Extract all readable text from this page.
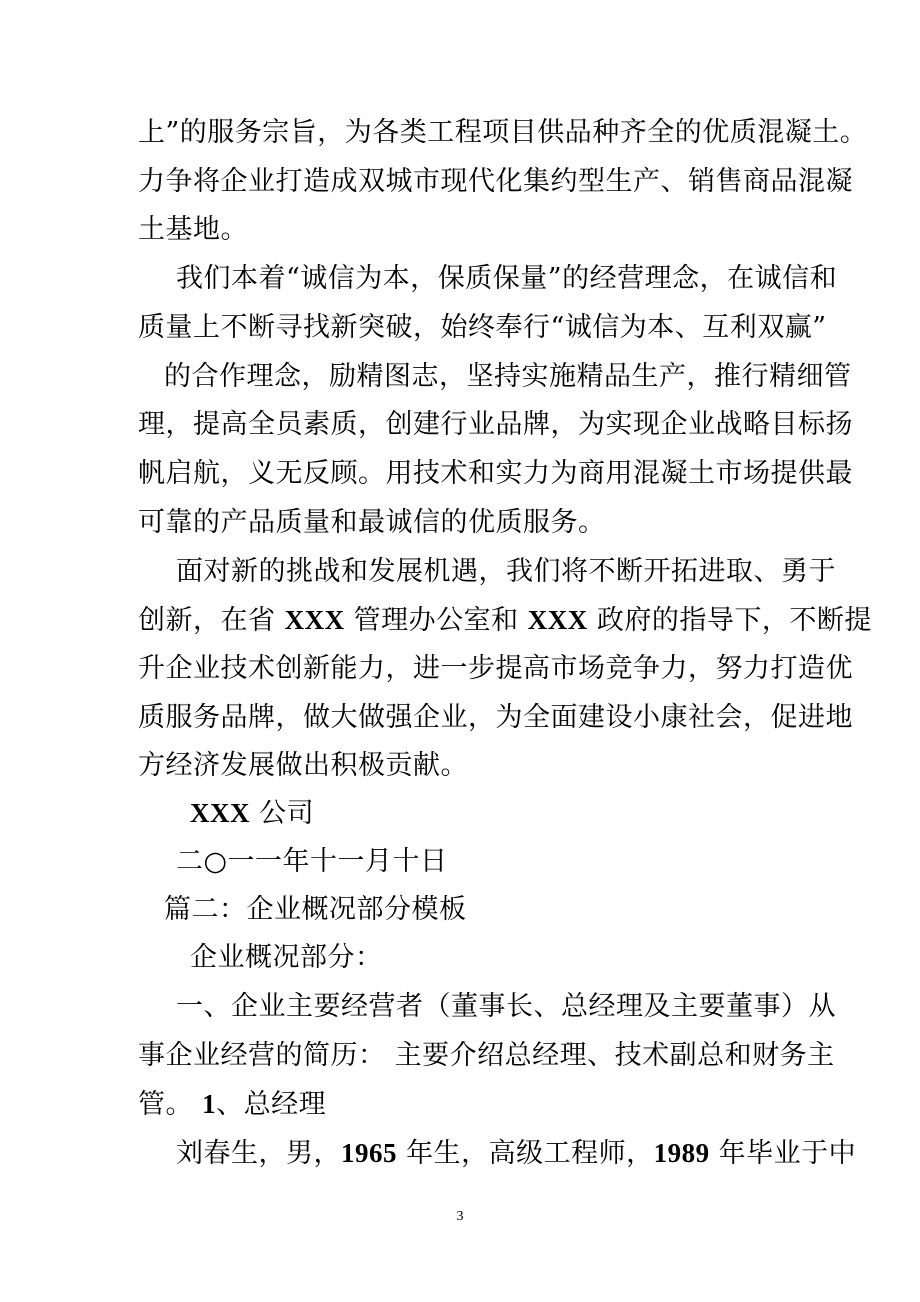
上”的服务宗旨，为各类工程项目供品种齐全的优质混凝土。
力争将企业打造成双城市现代化集约型生产、销售商品混凝
土基地。
我们本着“诚信为本，保质保量”的经营理念，在诚信和
质量上不断寻找新突破，始终奉行“诚信为本、互利双赢”
的合作理念，励精图志，坚持实施精品生产，推行精细管
理，提高全员素质，创建行业品牌，为实现企业战略目标扬
帆启航，义无反顾。用技术和实力为商用混凝土市场提供最
可靠的产品质量和最诚信的优质服务。
面对新的挑战和发展机遇，我们将不断开拓进取、勇于
创新，在省 XXX 管理办公室和 XXX 政府的指导下，不断提
升企业技术创新能力，进一步提高市场竞争力，努力打造优
质服务品牌，做大做强企业，为全面建设小康社会，促进地
方经济发展做出积极贡献。
XXX 公司
二○一一年十一月十日
篇二：企业概况部分模板
企业概况部分：
一、企业主要经营者（董事长、总经理及主要董事）从
事企业经营的简历： 主要介绍总经理、技术副总和财务主
管。 1、总经理
刘春生，男，1965 年生，高级工程师，1989 年毕业于中
3
